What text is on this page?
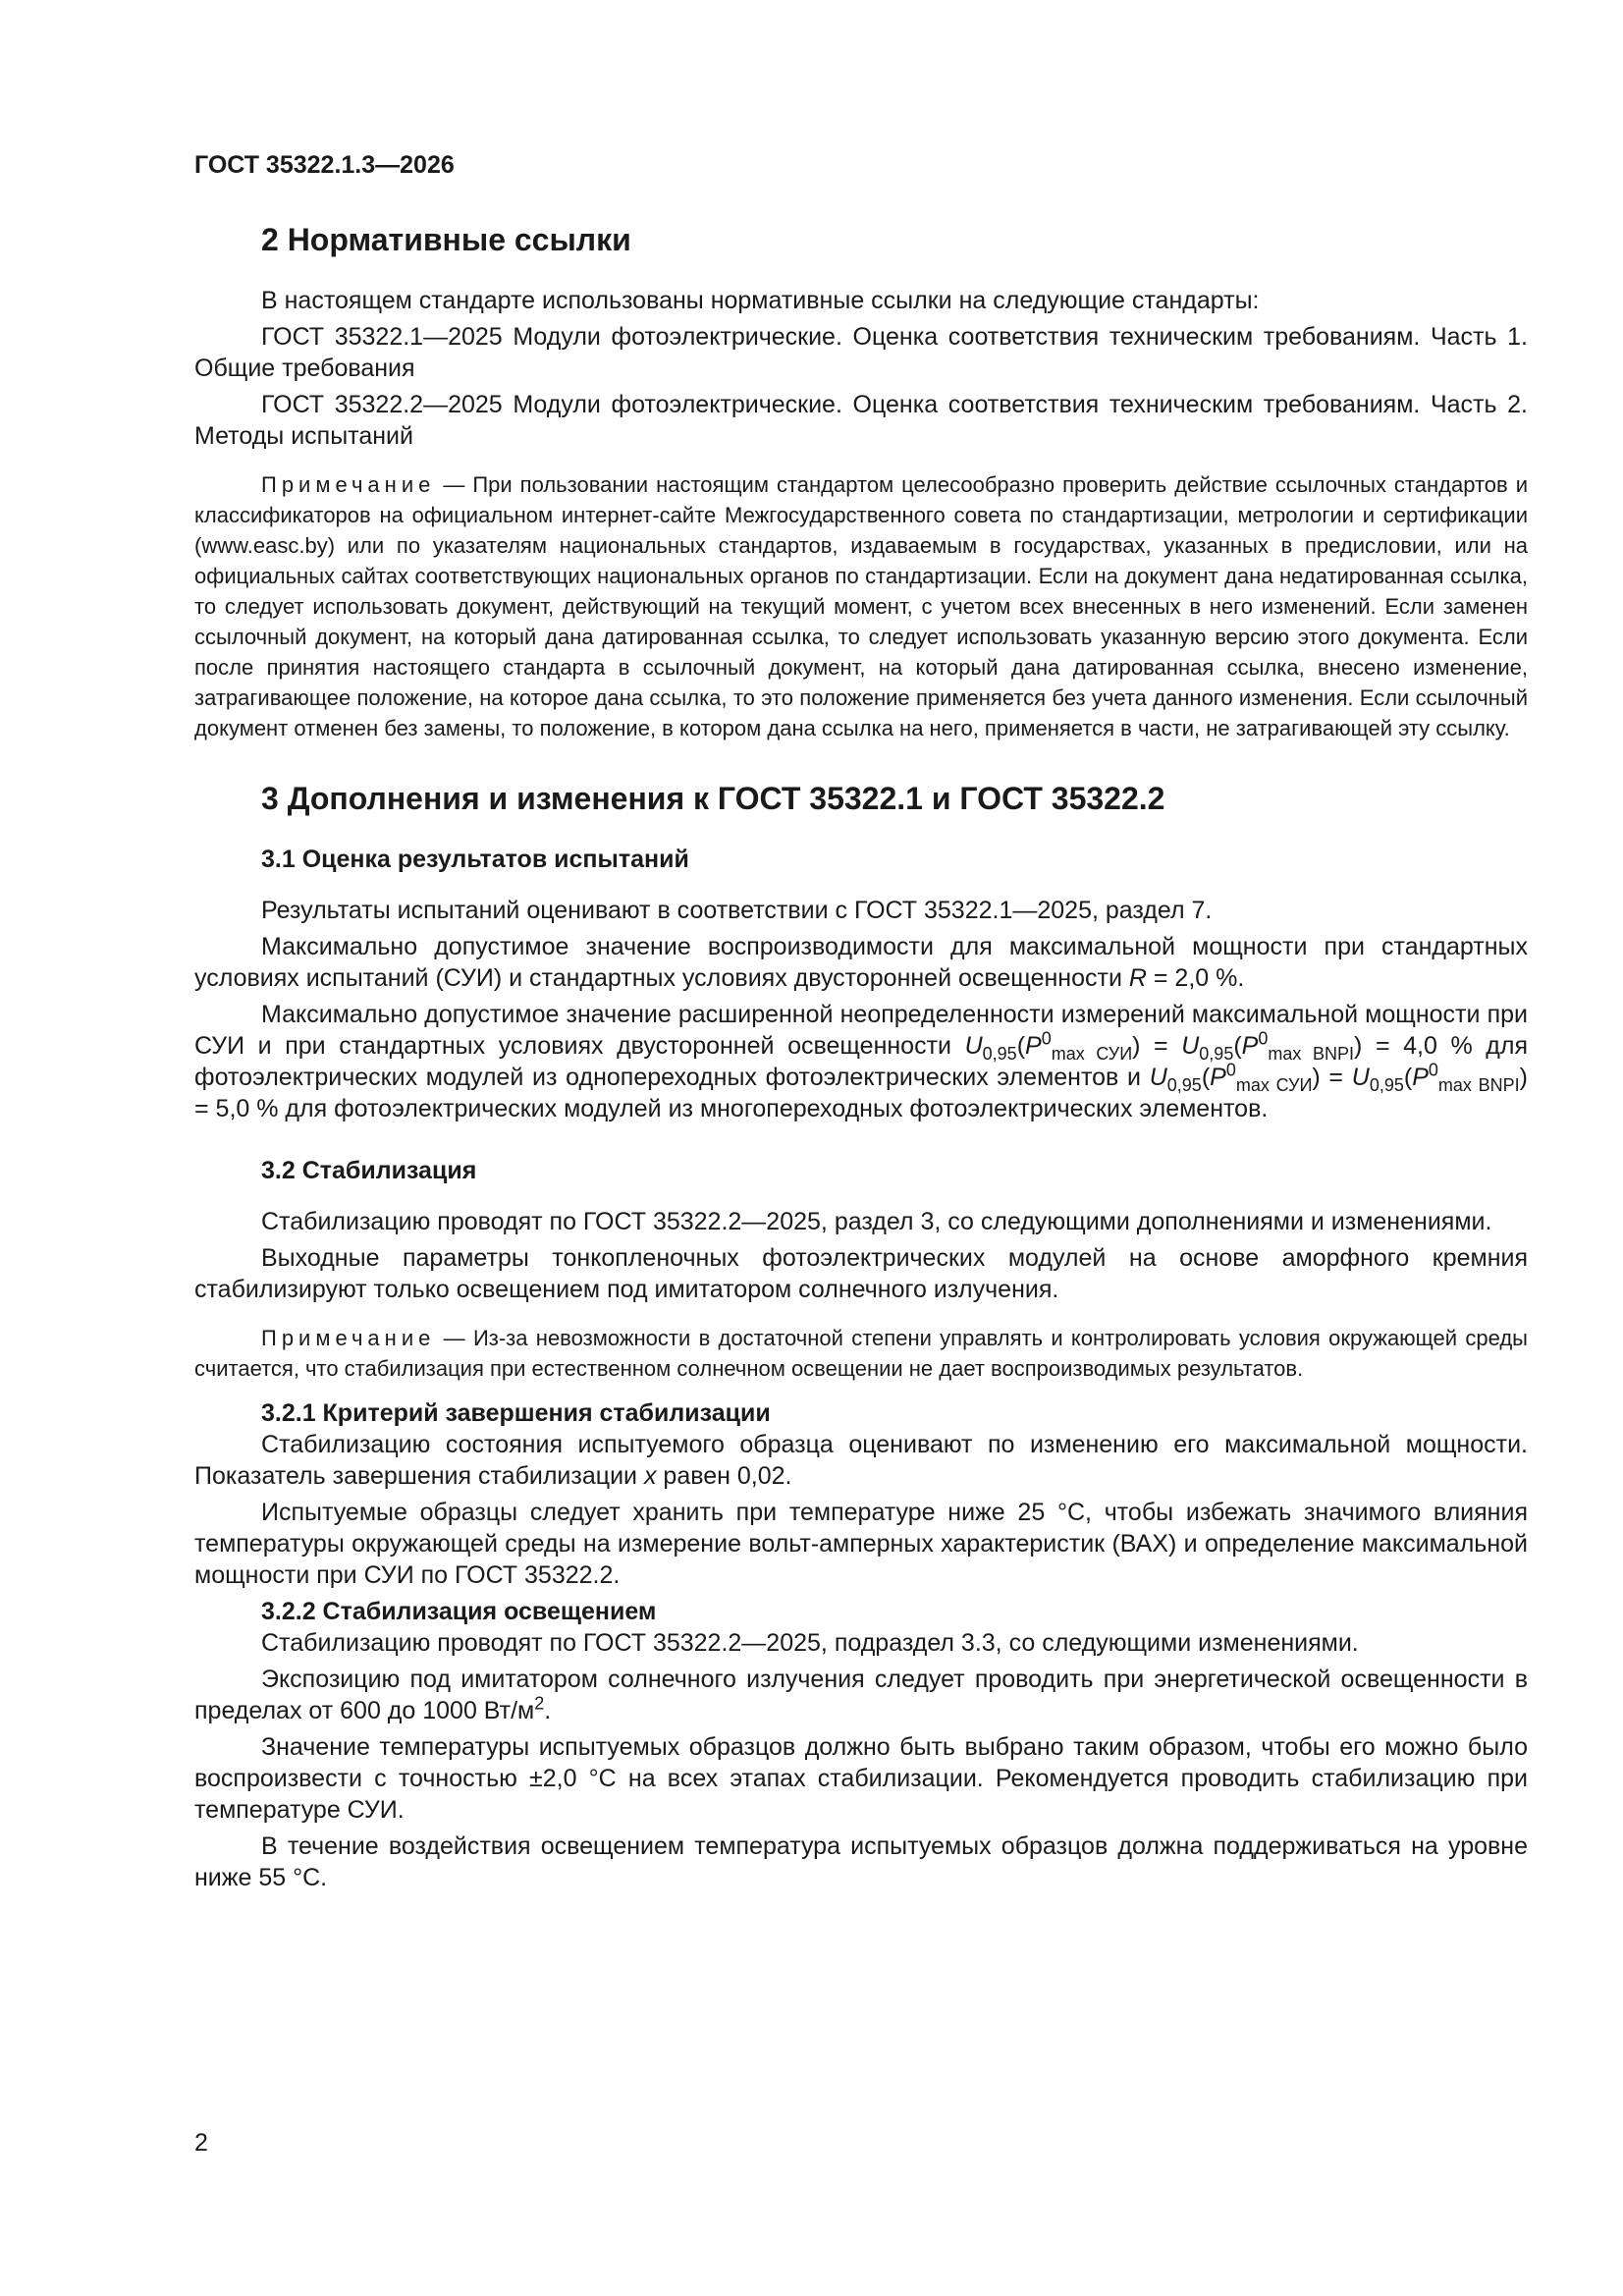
ГОСТ 35322.1.3—2026
2 Нормативные ссылки

В настоящем стандарте использованы нормативные ссылки на следующие стандарты:

ГОСТ 35322.1—2025 Модули фотоэлектрические. Оценка соответствия техническим требованиям. Часть 1. Общие требования

ГОСТ 35322.2—2025 Модули фотоэлектрические. Оценка соответствия техническим требованиям. Часть 2. Методы испытаний

Примечание — При пользовании настоящим стандартом целесообразно проверить действие ссылочных стандартов и классификаторов на официальном интернет-сайте Межгосударственного совета по стандартизации, метрологии и сертификации (www.easc.by) или по указателям национальных стандартов, издаваемым в государствах, указанных в предисловии, или на официальных сайтах соответствующих национальных органов по стандартизации. Если на документ дана недатированная ссылка, то следует использовать документ, действующий на текущий момент, с учетом всех внесенных в него изменений. Если заменен ссылочный документ, на который дана датированная ссылка, то следует использовать указанную версию этого документа. Если после принятия настоящего стандарта в ссылочный документ, на который дана датированная ссылка, внесено изменение, затрагивающее положение, на которое дана ссылка, то это положение применяется без учета данного изменения. Если ссылочный документ отменен без замены, то положение, в котором дана ссылка на него, применяется в части, не затрагивающей эту ссылку.

3 Дополнения и изменения к ГОСТ 35322.1 и ГОСТ 35322.2
3.1 Оценка результатов испытаний

Результаты испытаний оценивают в соответствии с ГОСТ 35322.1—2025, раздел 7.

Максимально допустимое значение воспроизводимости для максимальной мощности при стандартных условиях испытаний (СУИ) и стандартных условиях двусторонней освещенности R = 2,0 %.

Максимально допустимое значение расширенной неопределенности измерений максимальной мощности при СУИ и при стандартных условиях двусторонней освещенности $U_{0,95}(P^0_{max СУИ}) = U_{0,95}(P^0_{max BNPI}) = 4,0$ % для фотоэлектрических модулей из однопереходных фотоэлектрических элементов и $U_{0,95}(P^0_{max СУИ}) = U_{0,95}(P^0_{max BNPI}) = 5,0$ % для фотоэлектрических модулей из многопереходных фотоэлектрических элементов.

3.2 Стабилизация

Стабилизацию проводят по ГОСТ 35322.2—2025, раздел 3, со следующими дополнениями и изменениями.

Выходные параметры тонкопленочных фотоэлектрических модулей на основе аморфного кремния стабилизируют только освещением под имитатором солнечного излучения.

Примечание — Из-за невозможности в достаточной степени управлять и контролировать условия окружающей среды считается, что стабилизация при естественном солнечном освещении не дает воспроизводимых результатов.

3.2.1 Критерий завершения стабилизации

Стабилизацию состояния испытуемого образца оценивают по изменению его максимальной мощности. Показатель завершения стабилизации x равен 0,02.

Испытуемые образцы следует хранить при температуре ниже 25 °С, чтобы избежать значимого влияния температуры окружающей среды на измерение вольт-амперных характеристик (ВАХ) и определение максимальной мощности при СУИ по ГОСТ 35322.2.

3.2.2 Стабилизация освещением

Стабилизацию проводят по ГОСТ 35322.2—2025, подраздел 3.3, со следующими изменениями.

Экспозицию под имитатором солнечного излучения следует проводить при энергетической освещенности в пределах от 600 до 1000 $Вт/м^2$.

Значение температуры испытуемых образцов должно быть выбрано таким образом, чтобы его можно было воспроизвести с точностью ±2,0 °С на всех этапах стабилизации. Рекомендуется проводить стабилизацию при температуре СУИ.

В течение воздействия освещением температура испытуемых образцов должна поддерживаться на уровне ниже 55 °С.

2
